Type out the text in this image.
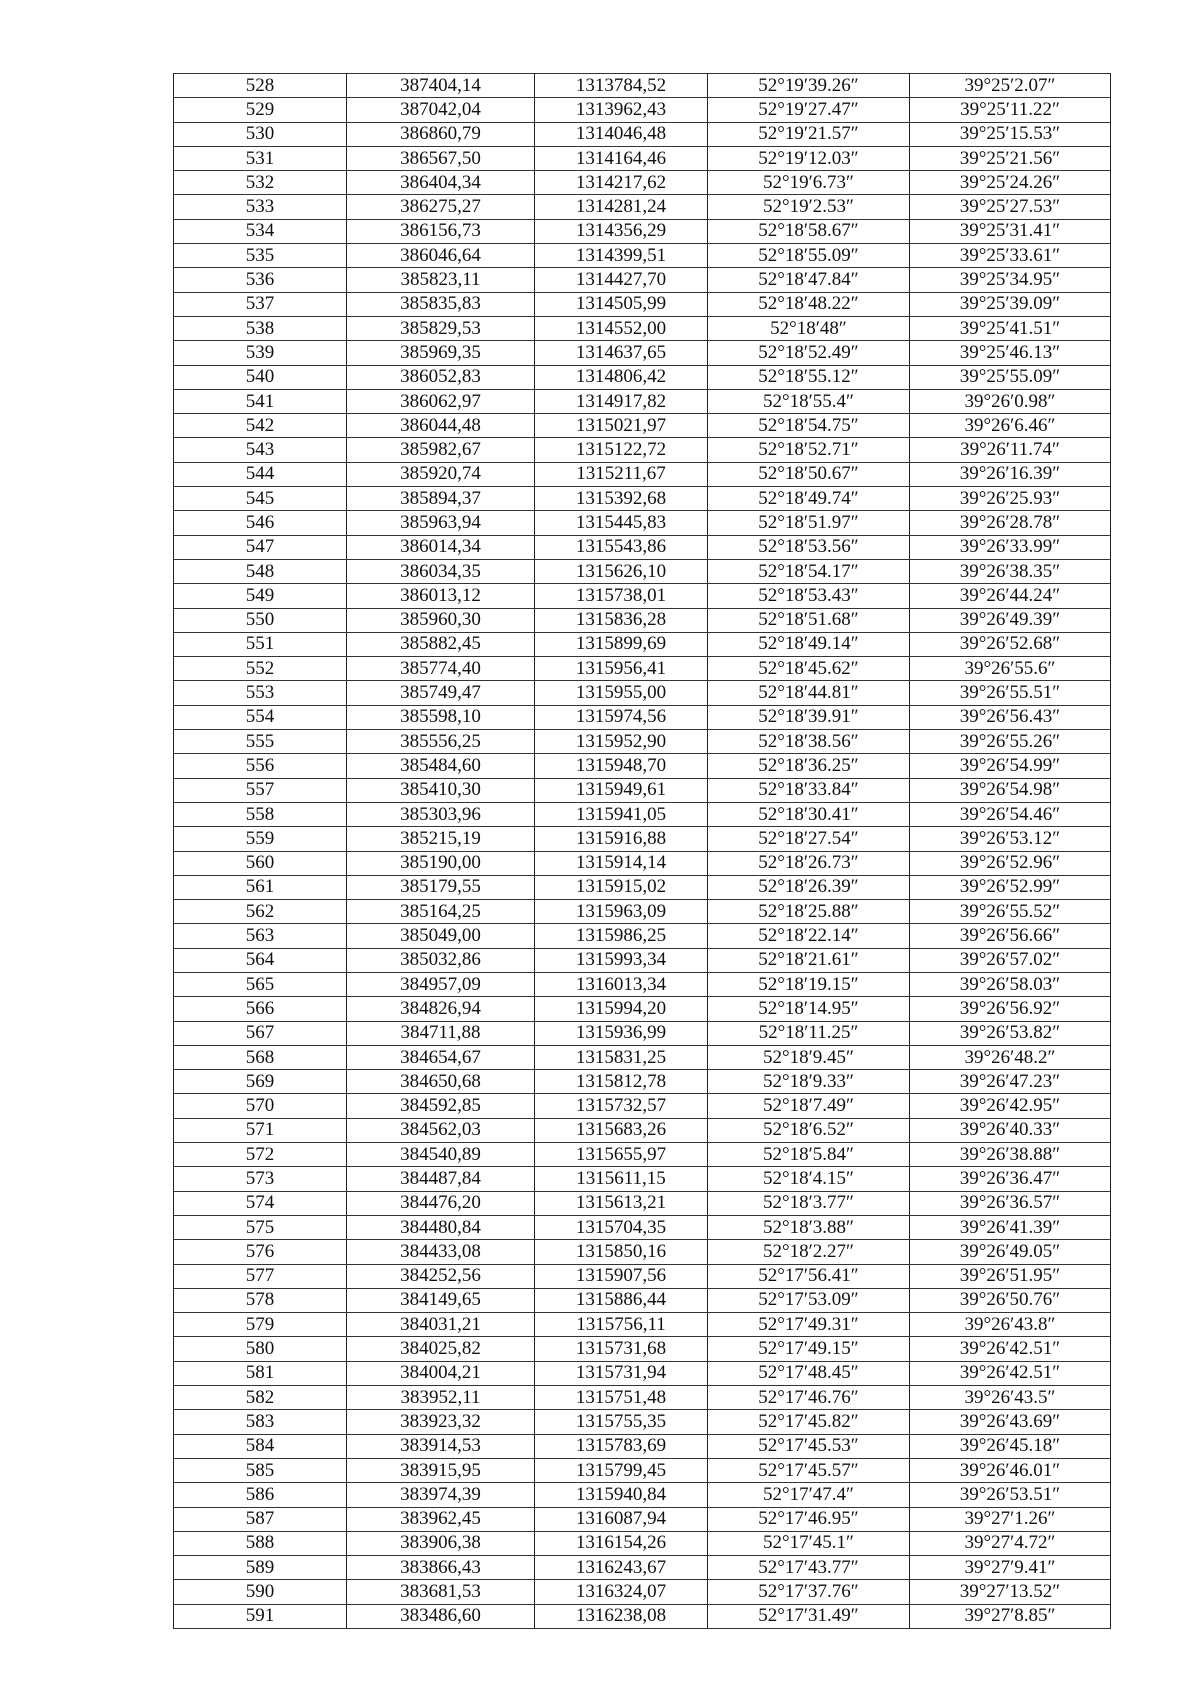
528	387404,14	1313784,52	52°19′39.26″	39°25′2.07″
529	387042,04	1313962,43	52°19′27.47″	39°25′11.22″
530	386860,79	1314046,48	52°19′21.57″	39°25′15.53″
531	386567,50	1314164,46	52°19′12.03″	39°25′21.56″
532	386404,34	1314217,62	52°19′6.73″	39°25′24.26″
533	386275,27	1314281,24	52°19′2.53″	39°25′27.53″
534	386156,73	1314356,29	52°18′58.67″	39°25′31.41″
535	386046,64	1314399,51	52°18′55.09″	39°25′33.61″
536	385823,11	1314427,70	52°18′47.84″	39°25′34.95″
537	385835,83	1314505,99	52°18′48.22″	39°25′39.09″
538	385829,53	1314552,00	52°18′48″	39°25′41.51″
539	385969,35	1314637,65	52°18′52.49″	39°25′46.13″
540	386052,83	1314806,42	52°18′55.12″	39°25′55.09″
541	386062,97	1314917,82	52°18′55.4″	39°26′0.98″
542	386044,48	1315021,97	52°18′54.75″	39°26′6.46″
543	385982,67	1315122,72	52°18′52.71″	39°26′11.74″
544	385920,74	1315211,67	52°18′50.67″	39°26′16.39″
545	385894,37	1315392,68	52°18′49.74″	39°26′25.93″
546	385963,94	1315445,83	52°18′51.97″	39°26′28.78″
547	386014,34	1315543,86	52°18′53.56″	39°26′33.99″
548	386034,35	1315626,10	52°18′54.17″	39°26′38.35″
549	386013,12	1315738,01	52°18′53.43″	39°26′44.24″
550	385960,30	1315836,28	52°18′51.68″	39°26′49.39″
551	385882,45	1315899,69	52°18′49.14″	39°26′52.68″
552	385774,40	1315956,41	52°18′45.62″	39°26′55.6″
553	385749,47	1315955,00	52°18′44.81″	39°26′55.51″
554	385598,10	1315974,56	52°18′39.91″	39°26′56.43″
555	385556,25	1315952,90	52°18′38.56″	39°26′55.26″
556	385484,60	1315948,70	52°18′36.25″	39°26′54.99″
557	385410,30	1315949,61	52°18′33.84″	39°26′54.98″
558	385303,96	1315941,05	52°18′30.41″	39°26′54.46″
559	385215,19	1315916,88	52°18′27.54″	39°26′53.12″
560	385190,00	1315914,14	52°18′26.73″	39°26′52.96″
561	385179,55	1315915,02	52°18′26.39″	39°26′52.99″
562	385164,25	1315963,09	52°18′25.88″	39°26′55.52″
563	385049,00	1315986,25	52°18′22.14″	39°26′56.66″
564	385032,86	1315993,34	52°18′21.61″	39°26′57.02″
565	384957,09	1316013,34	52°18′19.15″	39°26′58.03″
566	384826,94	1315994,20	52°18′14.95″	39°26′56.92″
567	384711,88	1315936,99	52°18′11.25″	39°26′53.82″
568	384654,67	1315831,25	52°18′9.45″	39°26′48.2″
569	384650,68	1315812,78	52°18′9.33″	39°26′47.23″
570	384592,85	1315732,57	52°18′7.49″	39°26′42.95″
571	384562,03	1315683,26	52°18′6.52″	39°26′40.33″
572	384540,89	1315655,97	52°18′5.84″	39°26′38.88″
573	384487,84	1315611,15	52°18′4.15″	39°26′36.47″
574	384476,20	1315613,21	52°18′3.77″	39°26′36.57″
575	384480,84	1315704,35	52°18′3.88″	39°26′41.39″
576	384433,08	1315850,16	52°18′2.27″	39°26′49.05″
577	384252,56	1315907,56	52°17′56.41″	39°26′51.95″
578	384149,65	1315886,44	52°17′53.09″	39°26′50.76″
579	384031,21	1315756,11	52°17′49.31″	39°26′43.8″
580	384025,82	1315731,68	52°17′49.15″	39°26′42.51″
581	384004,21	1315731,94	52°17′48.45″	39°26′42.51″
582	383952,11	1315751,48	52°17′46.76″	39°26′43.5″
583	383923,32	1315755,35	52°17′45.82″	39°26′43.69″
584	383914,53	1315783,69	52°17′45.53″	39°26′45.18″
585	383915,95	1315799,45	52°17′45.57″	39°26′46.01″
586	383974,39	1315940,84	52°17′47.4″	39°26′53.51″
587	383962,45	1316087,94	52°17′46.95″	39°27′1.26″
588	383906,38	1316154,26	52°17′45.1″	39°27′4.72″
589	383866,43	1316243,67	52°17′43.77″	39°27′9.41″
590	383681,53	1316324,07	52°17′37.76″	39°27′13.52″
591	383486,60	1316238,08	52°17′31.49″	39°27′8.85″
